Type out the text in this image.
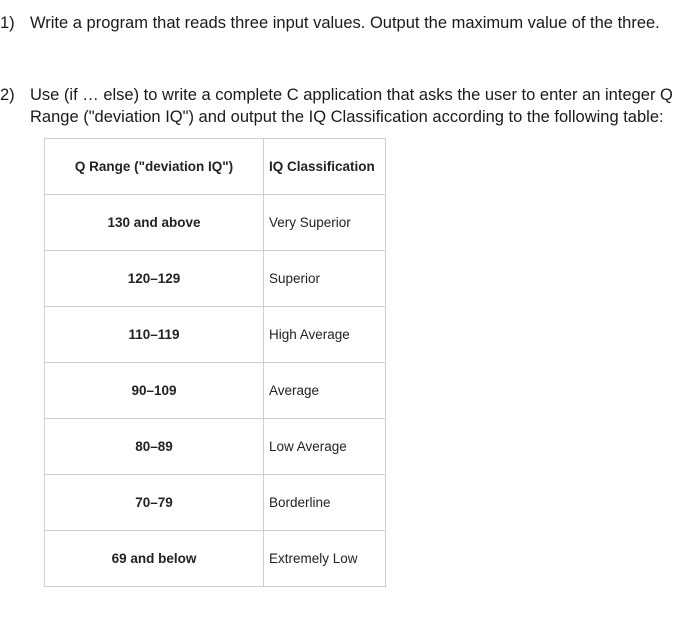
1) Write a program that reads three input values. Output the maximum value of the three.
2) Use (if … else) to write a complete C application that asks the user to enter an integer Q
Range ("deviation IQ") and output the IQ Classification according to the following table:
Q Range ("deviation IQ")	IQ Classification
130 and above	Very Superior
120–129	Superior
110–119	High Average
90–109	Average
80–89	Low Average
70–79	Borderline
69 and below	Extremely Low
